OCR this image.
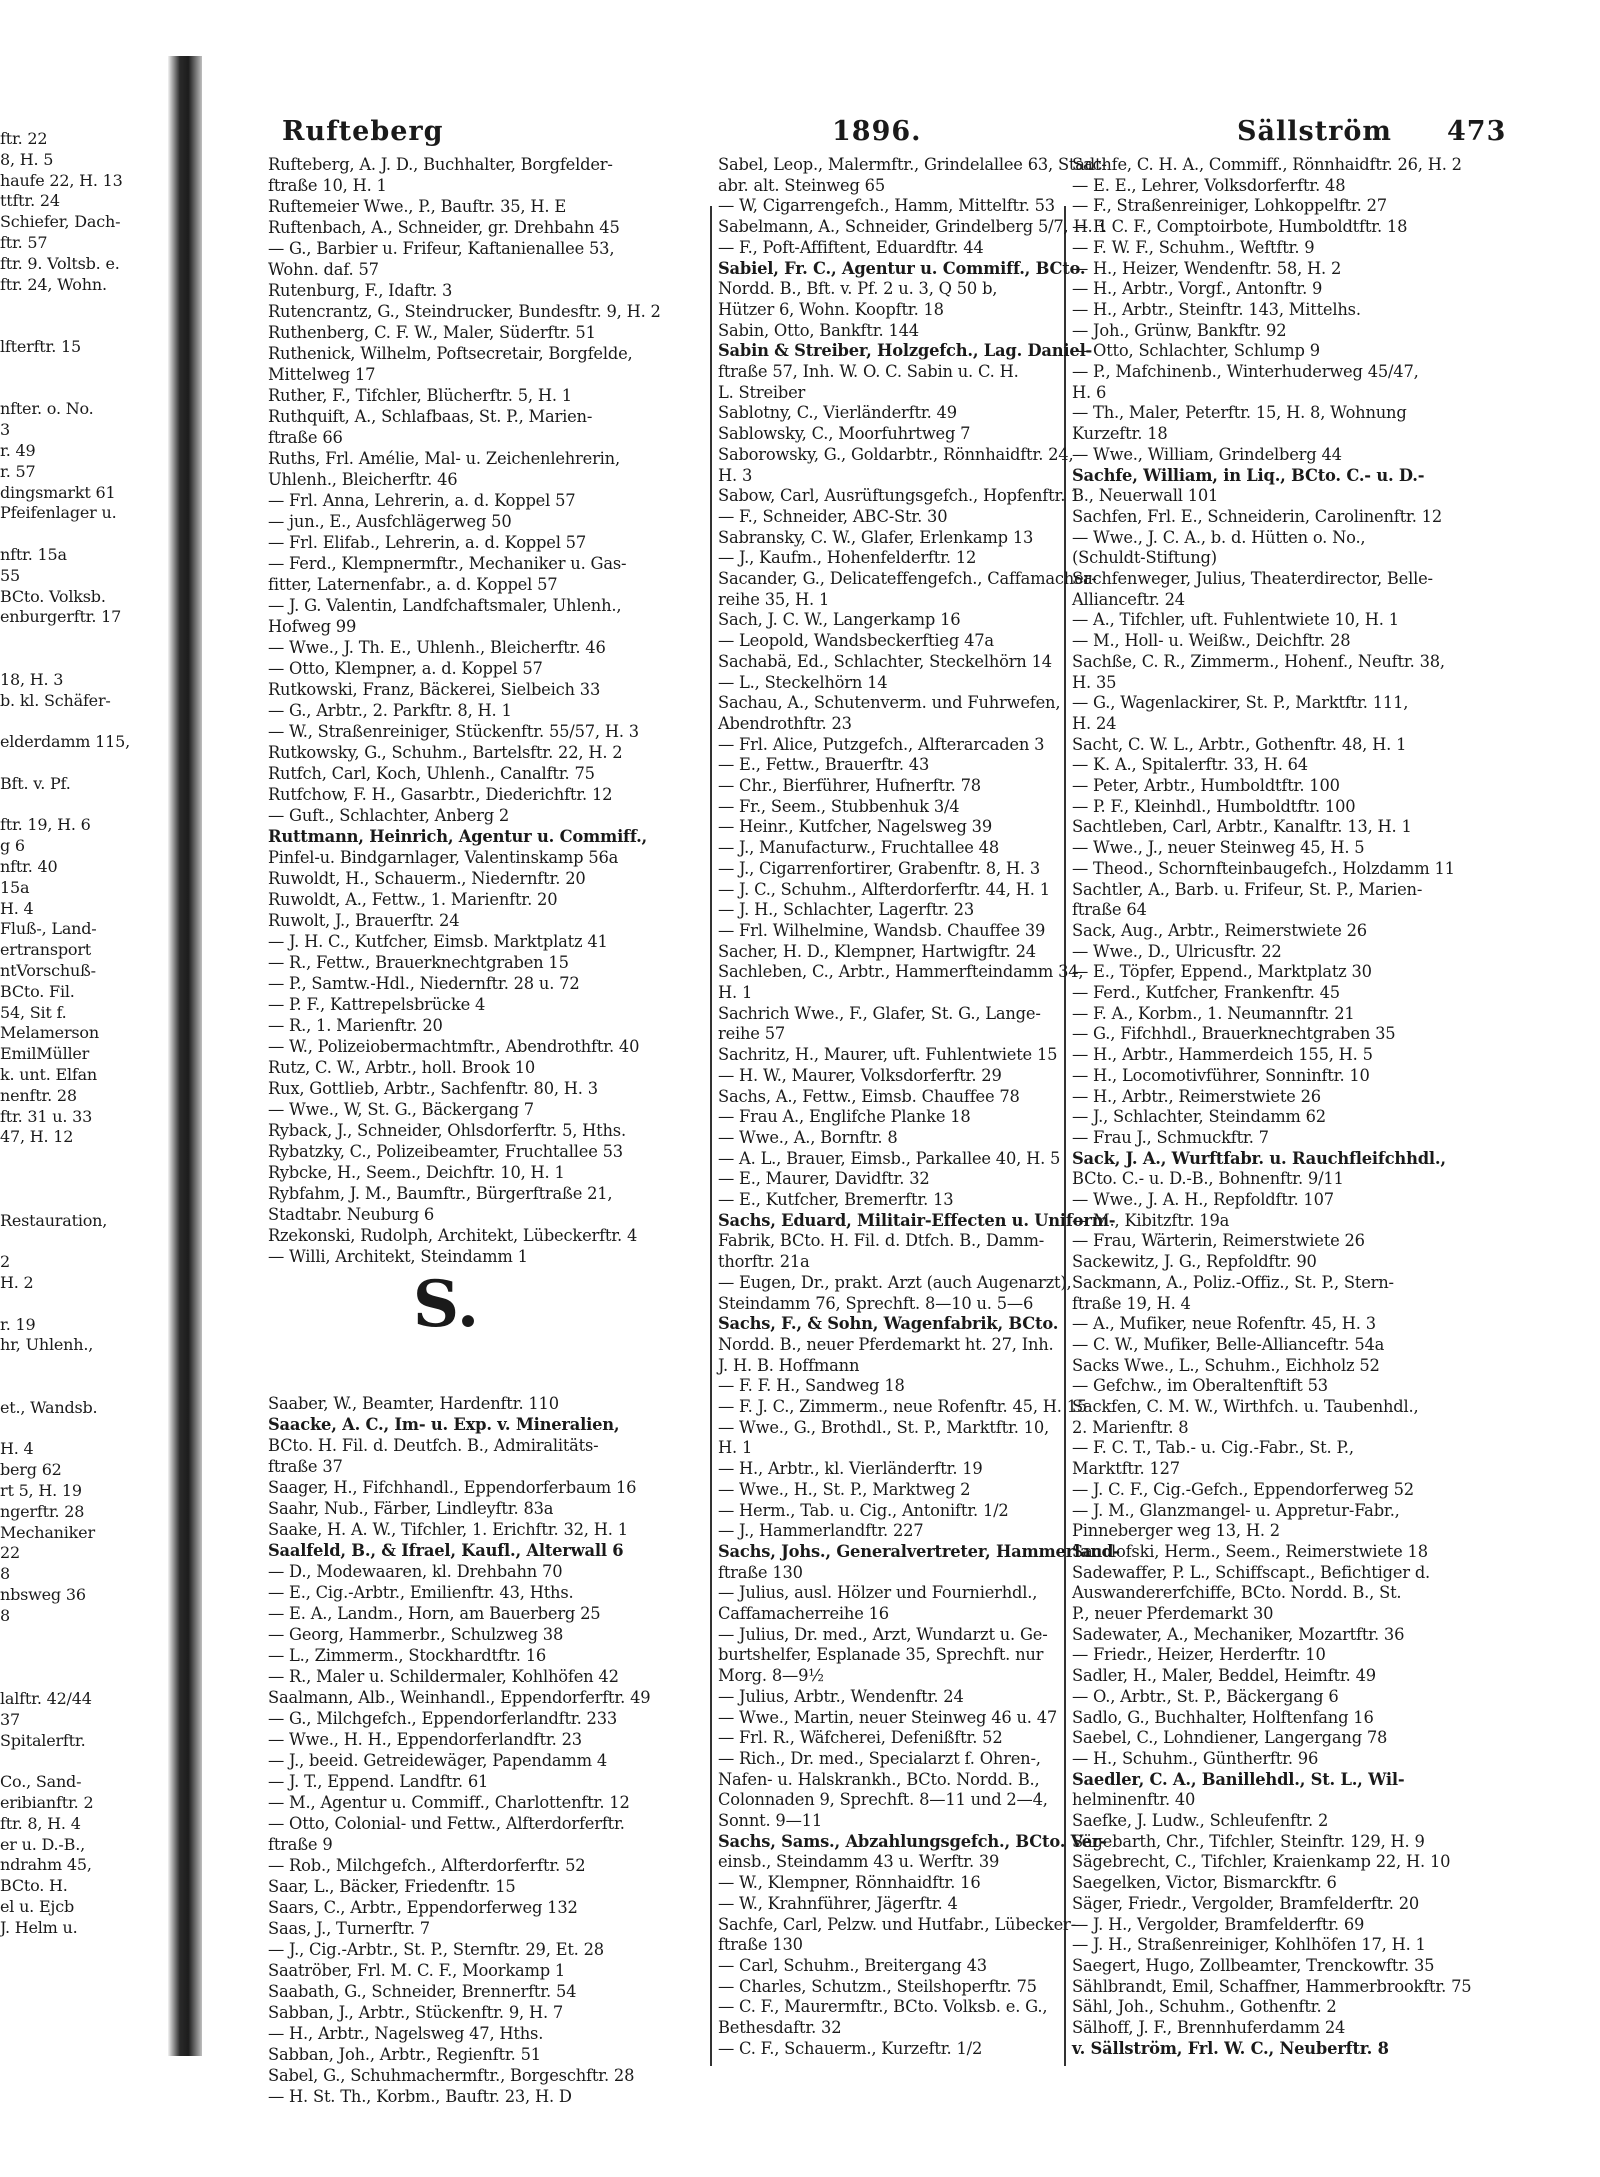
ftr. 22
8, H. 5
haufe 22, H. 13
ttftr. 24
Schiefer, Dach-
ftr. 57
ftr. 9. Voltsb. e.
ftr. 24, Wohn.
lfterftr. 15
nfter. o. No.
3
r. 49
r. 57
dingsmarkt 61
Pfeifenlager u.
nftr. 15a
55
BCto. Volksb.
enburgerftr. 17
18, H. 3
b. kl. Schäfer-
elderdamm 115,
Bft. v. Pf.
ftr. 19, H. 6
g 6
nftr. 40
15a
H. 4
Fluß-, Land-
ertransport
ntVorschuß-
BCto. Fil.
54, Sit f.
Melamerson
EmilMüller
k. unt. Elfan
nenftr. 28
ftr. 31 u. 33
47, H. 12
Restauration,
2
H. 2
r. 19
hr, Uhlenh.,
et., Wandsb.
H. 4
berg 62
rt 5, H. 19
ngerftr. 28
Mechaniker
22
8
nbsweg 36
8
lalftr. 42/44
37
Spitalerftr.
Co., Sand-
eribianftr. 2
ftr. 8, H. 4
er u. D.-B.,
ndrahm 45,
BCto. H.
el u. Ejcb
J. Helm u.
Rufteberg	1896.	Sällström 473
S.
Rufteberg, A. J. D., Buchhalter, Borgfelder-
ftraße 10, H. 1
Ruftemeier Wwe., P., Bauftr. 35, H. E
Ruftenbach, A., Schneider, gr. Drehbahn 45
— G., Barbier u. Frifeur, Kaftanienallee 53,
Wohn. daf. 57
Rutenburg, F., Idaftr. 3
Rutencrantz, G., Steindrucker, Bundesftr. 9, H. 2
Ruthenberg, C. F. W., Maler, Süderftr. 51
Ruthenick, Wilhelm, Poftsecretair, Borgfelde,
Mittelweg 17
Ruther, F., Tifchler, Blücherftr. 5, H. 1
Ruthquift, A., Schlafbaas, St. P., Marien-
ftraße 66
Ruths, Frl. Amélie, Mal- u. Zeichenlehrerin,
Uhlenh., Bleicherftr. 46
— Frl. Anna, Lehrerin, a. d. Koppel 57
— jun., E., Ausfchlägerweg 50
— Frl. Elifab., Lehrerin, a. d. Koppel 57
— Ferd., Klempnermftr., Mechaniker u. Gas-
fitter, Laternenfabr., a. d. Koppel 57
— J. G. Valentin, Landfchaftsmaler, Uhlenh.,
Hofweg 99
— Wwe., J. Th. E., Uhlenh., Bleicherftr. 46
— Otto, Klempner, a. d. Koppel 57
Rutkowski, Franz, Bäckerei, Sielbeich 33
— G., Arbtr., 2. Parkftr. 8, H. 1
— W., Straßenreiniger, Stückenftr. 55/57, H. 3
Rutkowsky, G., Schuhm., Bartelsftr. 22, H. 2
Rutfch, Carl, Koch, Uhlenh., Canalftr. 75
Rutfchow, F. H., Gasarbtr., Diederichftr. 12
— Guft., Schlachter, Anberg 2
Ruttmann, Heinrich, Agentur u. Commiff.,
Pinfel-u. Bindgarnlager, Valentinskamp 56a
Ruwoldt, H., Schauerm., Niedernftr. 20
Ruwoldt, A., Fettw., 1. Marienftr. 20
Ruwolt, J., Brauerftr. 24
— J. H. C., Kutfcher, Eimsb. Marktplatz 41
— R., Fettw., Brauerknechtgraben 15
— P., Samtw.-Hdl., Niedernftr. 28 u. 72
— P. F., Kattrepelsbrücke 4
— R., 1. Marienftr. 20
— W., Polizeiobermachtmftr., Abendrothftr. 40
Rutz, C. W., Arbtr., holl. Brook 10
Rux, Gottlieb, Arbtr., Sachfenftr. 80, H. 3
— Wwe., W, St. G., Bäckergang 7
Ryback, J., Schneider, Ohlsdorferftr. 5, Hths.
Rybatzky, C., Polizeibeamter, Fruchtallee 53
Rybcke, H., Seem., Deichftr. 10, H. 1
Rybfahm, J. M., Baumftr., Bürgerftraße 21,
Stadtabr. Neuburg 6
Rzekonski, Rudolph, Architekt, Lübeckerftr. 4
— Willi, Architekt, Steindamm 1
Saaber, W., Beamter, Hardenftr. 110
Saacke, A. C., Im- u. Exp. v. Mineralien,
BCto. H. Fil. d. Deutfch. B., Admiralitäts-
ftraße 37
Saager, H., Fifchhandl., Eppendorferbaum 16
Saahr, Nub., Färber, Lindleyftr. 83a
Saake, H. A. W., Tifchler, 1. Erichftr. 32, H. 1
Saalfeld, B., & Ifrael, Kaufl., Alterwall 6
— D., Modewaaren, kl. Drehbahn 70
— E., Cig.-Arbtr., Emilienftr. 43, Hths.
— E. A., Landm., Horn, am Bauerberg 25
— Georg, Hammerbr., Schulzweg 38
— L., Zimmerm., Stockhardtftr. 16
— R., Maler u. Schildermaler, Kohlhöfen 42
Saalmann, Alb., Weinhandl., Eppendorferftr. 49
— G., Milchgefch., Eppendorferlandftr. 233
— Wwe., H. H., Eppendorferlandftr. 23
— J., beeid. Getreidewäger, Papendamm 4
— J. T., Eppend. Landftr. 61
— M., Agentur u. Commiff., Charlottenftr. 12
— Otto, Colonial- und Fettw., Alfterdorferftr.
ftraße 9
— Rob., Milchgefch., Alfterdorferftr. 52
Saar, L., Bäcker, Friedenftr. 15
Saars, C., Arbtr., Eppendorferweg 132
Saas, J., Turnerftr. 7
— J., Cig.-Arbtr., St. P., Sternftr. 29, Et. 28
Saatröber, Frl. M. C. F., Moorkamp 1
Saabath, G., Schneider, Brennerftr. 54
Sabban, J., Arbtr., Stückenftr. 9, H. 7
— H., Arbtr., Nagelsweg 47, Hths.
Sabban, Joh., Arbtr., Regienftr. 51
Sabel, G., Schuhmachermftr., Borgeschftr. 28
— H. St. Th., Korbm., Bauftr. 23, H. D
Sabel, Leop., Malermftr., Grindelallee 63, Stadt-
abr. alt. Steinweg 65
— W, Cigarrengefch., Hamm, Mittelftr. 53
Sabelmann, A., Schneider, Grindelberg 5/7, H. 1
— F., Poft-Affiftent, Eduardftr. 44
Sabiel, Fr. C., Agentur u. Commiff., BCto.
Nordd. B., Bft. v. Pf. 2 u. 3, Q 50 b,
Hützer 6, Wohn. Koopftr. 18
Sabin, Otto, Bankftr. 144
Sabin & Streiber, Holzgefch., Lag. Daniel-
ftraße 57, Inh. W. O. C. Sabin u. C. H.
L. Streiber
Sablotny, C., Vierländerftr. 49
Sablowsky, C., Moorfuhrtweg 7
Saborowsky, G., Goldarbtr., Rönnhaidftr. 24,
H. 3
Sabow, Carl, Ausrüftungsgefch., Hopfenftr. 1
— F., Schneider, ABC-Str. 30
Sabransky, C. W., Glafer, Erlenkamp 13
— J., Kaufm., Hohenfelderftr. 12
Sacander, G., Delicateffengefch., Caffamacher-
reihe 35, H. 1
Sach, J. C. W., Langerkamp 16
— Leopold, Wandsbeckerftieg 47a
Sachabä, Ed., Schlachter, Steckelhörn 14
— L., Steckelhörn 14
Sachau, A., Schutenverm. und Fuhrwefen,
Abendrothftr. 23
— Frl. Alice, Putzgefch., Alfterarcaden 3
— E., Fettw., Brauerftr. 43
— Chr., Bierführer, Hufnerftr. 78
— Fr., Seem., Stubbenhuk 3/4
— Heinr., Kutfcher, Nagelsweg 39
— J., Manufacturw., Fruchtallee 48
— J., Cigarrenfortirer, Grabenftr. 8, H. 3
— J. C., Schuhm., Alfterdorferftr. 44, H. 1
— J. H., Schlachter, Lagerftr. 23
— Frl. Wilhelmine, Wandsb. Chauffee 39
Sacher, H. D., Klempner, Hartwigftr. 24
Sachleben, C., Arbtr., Hammerfteindamm 34,
H. 1
Sachrich Wwe., F., Glafer, St. G., Lange-
reihe 57
Sachritz, H., Maurer, uft. Fuhlentwiete 15
— H. W., Maurer, Volksdorferftr. 29
Sachs, A., Fettw., Eimsb. Chauffee 78
— Frau A., Englifche Planke 18
— Wwe., A., Bornftr. 8
— A. L., Brauer, Eimsb., Parkallee 40, H. 5
— E., Maurer, Davidftr. 32
— E., Kutfcher, Bremerftr. 13
Sachs, Eduard, Militair-Effecten u. Uniform-
Fabrik, BCto. H. Fil. d. Dtfch. B., Damm-
thorftr. 21a
— Eugen, Dr., prakt. Arzt (auch Augenarzt),
Steindamm 76, Sprechft. 8—10 u. 5—6
Sachs, F., & Sohn, Wagenfabrik, BCto.
Nordd. B., neuer Pferdemarkt ht. 27, Inh.
J. H. B. Hoffmann
— F. F. H., Sandweg 18
— F. J. C., Zimmerm., neue Rofenftr. 45, H. 15
— Wwe., G., Brothdl., St. P., Marktftr. 10,
H. 1
— H., Arbtr., kl. Vierländerftr. 19
— Wwe., H., St. P., Marktweg 2
— Herm., Tab. u. Cig., Antoniftr. 1/2
— J., Hammerlandftr. 227
Sachs, Johs., Generalvertreter, Hammerland-
ftraße 130
— Julius, ausl. Hölzer und Fournierhdl.,
Caffamacherreihe 16
— Julius, Dr. med., Arzt, Wundarzt u. Ge-
burtshelfer, Esplanade 35, Sprechft. nur
Morg. 8—9½
— Julius, Arbtr., Wendenftr. 24
— Wwe., Martin, neuer Steinweg 46 u. 47
— Frl. R., Wäfcherei, Defenißftr. 52
— Rich., Dr. med., Specialarzt f. Ohren-,
Nafen- u. Halskrankh., BCto. Nordd. B.,
Colonnaden 9, Sprechft. 8—11 und 2—4,
Sonnt. 9—11
Sachs, Sams., Abzahlungsgefch., BCto. Ver-
einsb., Steindamm 43 u. Werftr. 39
— W., Klempner, Rönnhaidftr. 16
— W., Krahnführer, Jägerftr. 4
Sachfe, Carl, Pelzw. und Hutfabr., Lübecker-
ftraße 130
— Carl, Schuhm., Breitergang 43
— Charles, Schutzm., Steilshoperftr. 75
— C. F., Maurermftr., BCto. Volksb. e. G.,
Bethesdaftr. 32
— C. F., Schauerm., Kurzeftr. 1/2
Sachfe, C. H. A., Commiff., Rönnhaidftr. 26, H. 2
— E. E., Lehrer, Volksdorferftr. 48
— F., Straßenreiniger, Lohkoppelftr. 27
— F. C. F., Comptoirbote, Humboldtftr. 18
— F. W. F., Schuhm., Weftftr. 9
— H., Heizer, Wendenftr. 58, H. 2
— H., Arbtr., Vorgf., Antonftr. 9
— H., Arbtr., Steinftr. 143, Mittelhs.
— Joh., Grünw, Bankftr. 92
— Otto, Schlachter, Schlump 9
— P., Mafchinenb., Winterhuderweg 45/47,
H. 6
— Th., Maler, Peterftr. 15, H. 8, Wohnung
Kurzeftr. 18
— Wwe., William, Grindelberg 44
Sachfe, William, in Liq., BCto. C.- u. D.-
B., Neuerwall 101
Sachfen, Frl. E., Schneiderin, Carolinenftr. 12
— Wwe., J. C. A., b. d. Hütten o. No.,
(Schuldt-Stiftung)
Sachfenweger, Julius, Theaterdirector, Belle-
Allianceftr. 24
— A., Tifchler, uft. Fuhlentwiete 10, H. 1
— M., Holl- u. Weißw., Deichftr. 28
Sachße, C. R., Zimmerm., Hohenf., Neuftr. 38,
H. 35
— G., Wagenlackirer, St. P., Marktftr. 111,
H. 24
Sacht, C. W. L., Arbtr., Gothenftr. 48, H. 1
— K. A., Spitalerftr. 33, H. 64
— Peter, Arbtr., Humboldtftr. 100
— P. F., Kleinhdl., Humboldtftr. 100
Sachtleben, Carl, Arbtr., Kanalftr. 13, H. 1
— Wwe., J., neuer Steinweg 45, H. 5
— Theod., Schornfteinbaugefch., Holzdamm 11
Sachtler, A., Barb. u. Frifeur, St. P., Marien-
ftraße 64
Sack, Aug., Arbtr., Reimerstwiete 26
— Wwe., D., Ulricusftr. 22
— E., Töpfer, Eppend., Marktplatz 30
— Ferd., Kutfcher, Frankenftr. 45
— F. A., Korbm., 1. Neumannftr. 21
— G., Fifchhdl., Brauerknechtgraben 35
— H., Arbtr., Hammerdeich 155, H. 5
— H., Locomotivführer, Sonninftr. 10
— H., Arbtr., Reimerstwiete 26
— J., Schlachter, Steindamm 62
— Frau J., Schmuckftr. 7
Sack, J. A., Wurftfabr. u. Rauchfleifchhdl.,
BCto. C.- u. D.-B., Bohnenftr. 9/11
— Wwe., J. A. H., Repfoldftr. 107
— M., Kibitzftr. 19a
— Frau, Wärterin, Reimerstwiete 26
Sackewitz, J. G., Repfoldftr. 90
Sackmann, A., Poliz.-Offiz., St. P., Stern-
ftraße 19, H. 4
— A., Mufiker, neue Rofenftr. 45, H. 3
— C. W., Mufiker, Belle-Allianceftr. 54a
Sacks Wwe., L., Schuhm., Eichholz 52
— Gefchw., im Oberaltenftift 53
Sackfen, C. M. W., Wirthfch. u. Taubenhdl.,
2. Marienftr. 8
— F. C. T., Tab.- u. Cig.-Fabr., St. P.,
Marktftr. 127
— J. C. F., Cig.-Gefch., Eppendorferweg 52
— J. M., Glanzmangel- u. Appretur-Fabr.,
Pinneberger weg 13, H. 2
Sacolofski, Herm., Seem., Reimerstwiete 18
Sadewaffer, P. L., Schiffscapt., Befichtiger d.
Auswandererfchiffe, BCto. Nordd. B., St.
P., neuer Pferdemarkt 30
Sadewater, A., Mechaniker, Mozartftr. 36
— Friedr., Heizer, Herderftr. 10
Sadler, H., Maler, Beddel, Heimftr. 49
— O., Arbtr., St. P., Bäckergang 6
Sadlo, G., Buchhalter, Holftenfang 16
Saebel, C., Lohndiener, Langergang 78
— H., Schuhm., Güntherftr. 96
Saedler, C. A., Banillehdl., St. L., Wil-
helminenftr. 40
Saefke, J. Ludw., Schleufenftr. 2
Sägebarth, Chr., Tifchler, Steinftr. 129, H. 9
Sägebrecht, C., Tifchler, Kraienkamp 22, H. 10
Saegelken, Victor, Bismarckftr. 6
Säger, Friedr., Vergolder, Bramfelderftr. 20
— J. H., Vergolder, Bramfelderftr. 69
— J. H., Straßenreiniger, Kohlhöfen 17, H. 1
Saegert, Hugo, Zollbeamter, Trenckowftr. 35
Sählbrandt, Emil, Schaffner, Hammerbrookftr. 75
Sähl, Joh., Schuhm., Gothenftr. 2
Sälhoff, J. F., Brennhuferdamm 24
v. Sällström, Frl. W. C., Neuberftr. 8
